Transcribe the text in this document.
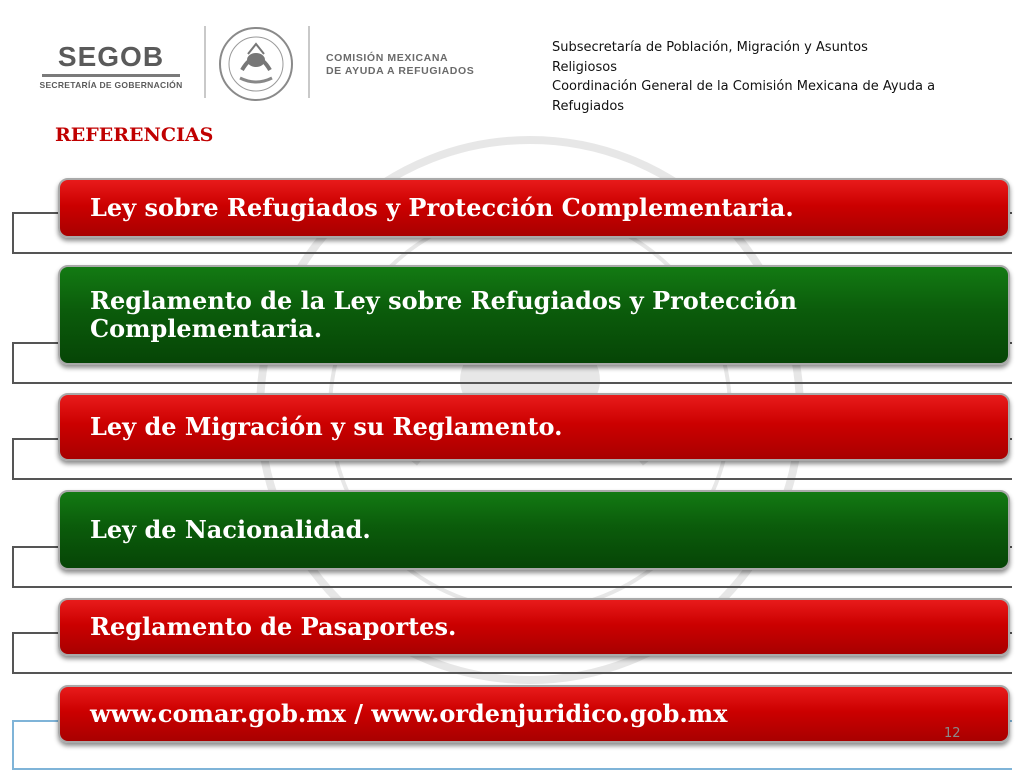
SEGOB
SECRETARÍA DE GOBERNACIÓN
COMISIÓN MEXICANA
DE AYUDA A REFUGIADOS
Subsecretaría de Población, Migración y Asuntos
Religiosos
Coordinación General de la Comisión Mexicana de Ayuda a
Refugiados
REFERENCIAS
Ley sobre Refugiados y Protección Complementaria.
Reglamento de la Ley sobre Refugiados y Protección
Complementaria.
Ley de Migración y su Reglamento.
Ley de Nacionalidad.
Reglamento de Pasaportes.
www.comar.gob.mx / www.ordenjuridico.gob.mx
12
